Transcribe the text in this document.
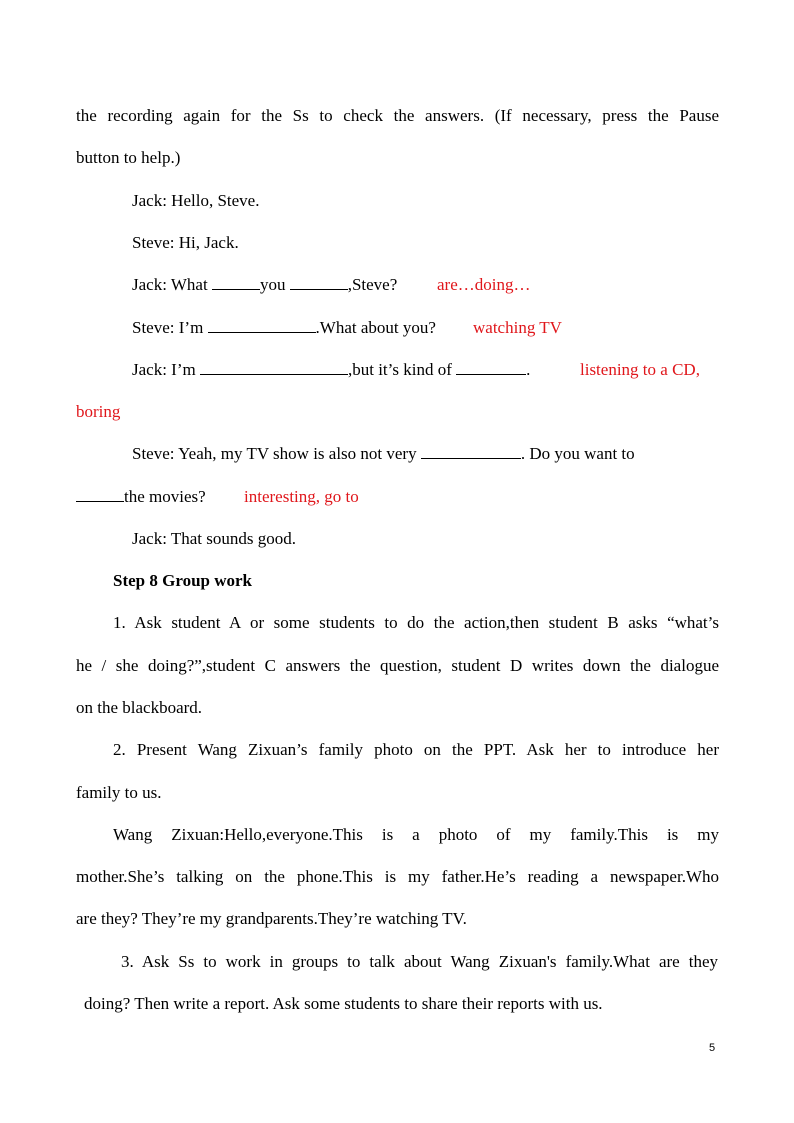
the recording again for the Ss to check the answers. (If necessary, press the Pause
button to help.)
Jack: Hello, Steve.
Steve: Hi, Jack.
Jack: What	you	,Steve? are…doing…
Steve: I’m	.What about you? watching TV
Jack: I’m	,but it’s kind of	.	listening to a CD,
boring
Steve: Yeah, my TV show is also not very	. Do you want to
the movies? interesting, go to
Jack: That sounds good.
Step 8 Group work
1. Ask student A or some students to do the action,then student B asks “what’s
he / she doing?”,student C answers the question, student D writes down the dialogue
on the blackboard.
2. Present Wang Zixuan’s family photo on the PPT. Ask her to introduce her
family to us.
Wang Zixuan:Hello,everyone.This is a photo of my family.This is my
mother.She’s talking on the phone.This is my father.He’s reading a newspaper.Who
are they? They’re my grandparents.They’re watching TV.
3. Ask Ss to work in groups to talk about Wang Zixuan's family.What are they
doing? Then write a report. Ask some students to share their reports with us.
5
